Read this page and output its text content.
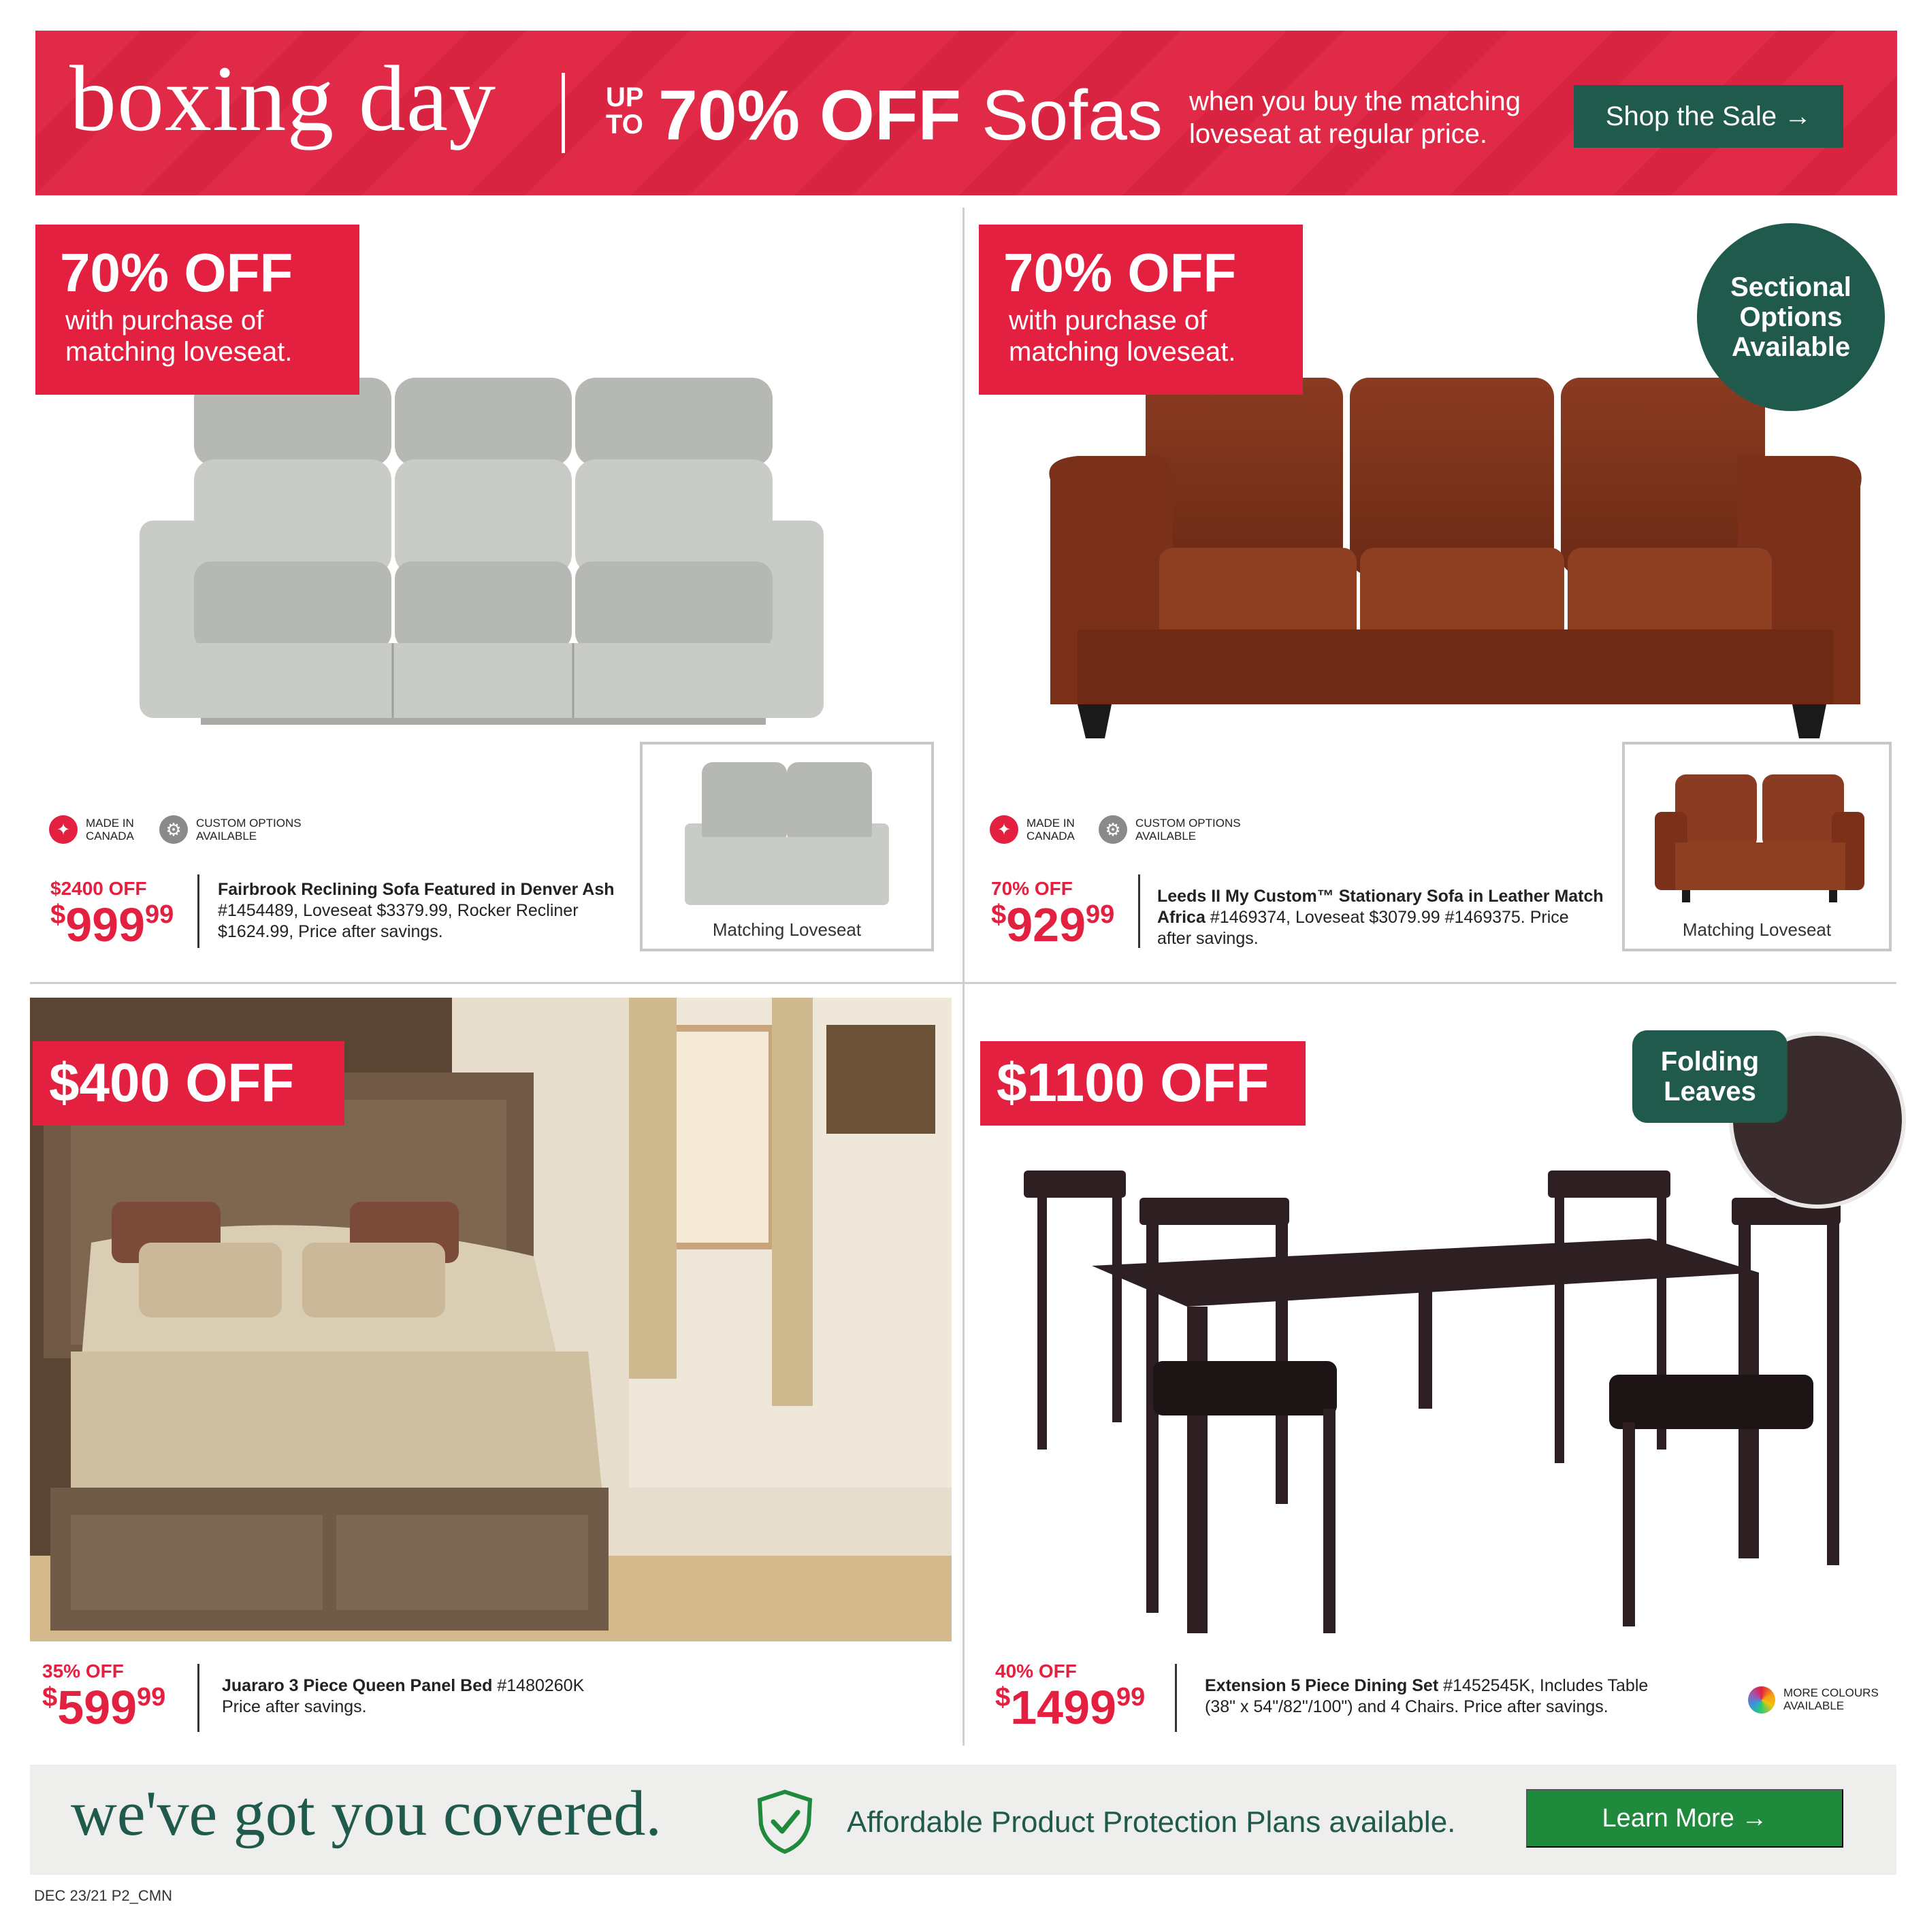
boxing day	UP
TO 70% OFF Sofas when you buy the matching loveseat at regular price.
Shop the Sale →
70% OFF
with purchase of matching loveseat.
Matching Loveseat
✦	MADE IN CANADA	⚙	CUSTOM OPTIONS AVAILABLE
$2400 OFF
$^{\$}999^{99}$
Fairbrook Reclining Sofa Featured in Denver Ash
#1454489, Loveseat $3379.99, Rocker Recliner $1624.99, Price after savings.
70% OFF
with purchase of matching loveseat.
Sectional Options Available
Matching Loveseat
✦	MADE IN CANADA	⚙	CUSTOM OPTIONS AVAILABLE
70% OFF
$^{\$}929^{99}$
Leeds II My Custom™ Stationary Sofa in Leather Match Africa #1469374, Loveseat $3079.99 #1469375. Price after savings.
$400 OFF
35% OFF
$^{\$}599^{99}$	Juararo 3 Piece Queen Panel Bed #1480260K Price after savings.
$1100 OFF	Folding Leaves
40% OFF
$1499$^{99}$	Extension 5 Piece Dining Set #1452545K, Includes Table (38" x 54"/82"/100") and 4 Chairs. Price after savings.
MORE COLOURS AVAILABLE
we've got you covered.	Affordable Product Protection Plans available.	Learn More →
DEC 23/21 P2_CMN
